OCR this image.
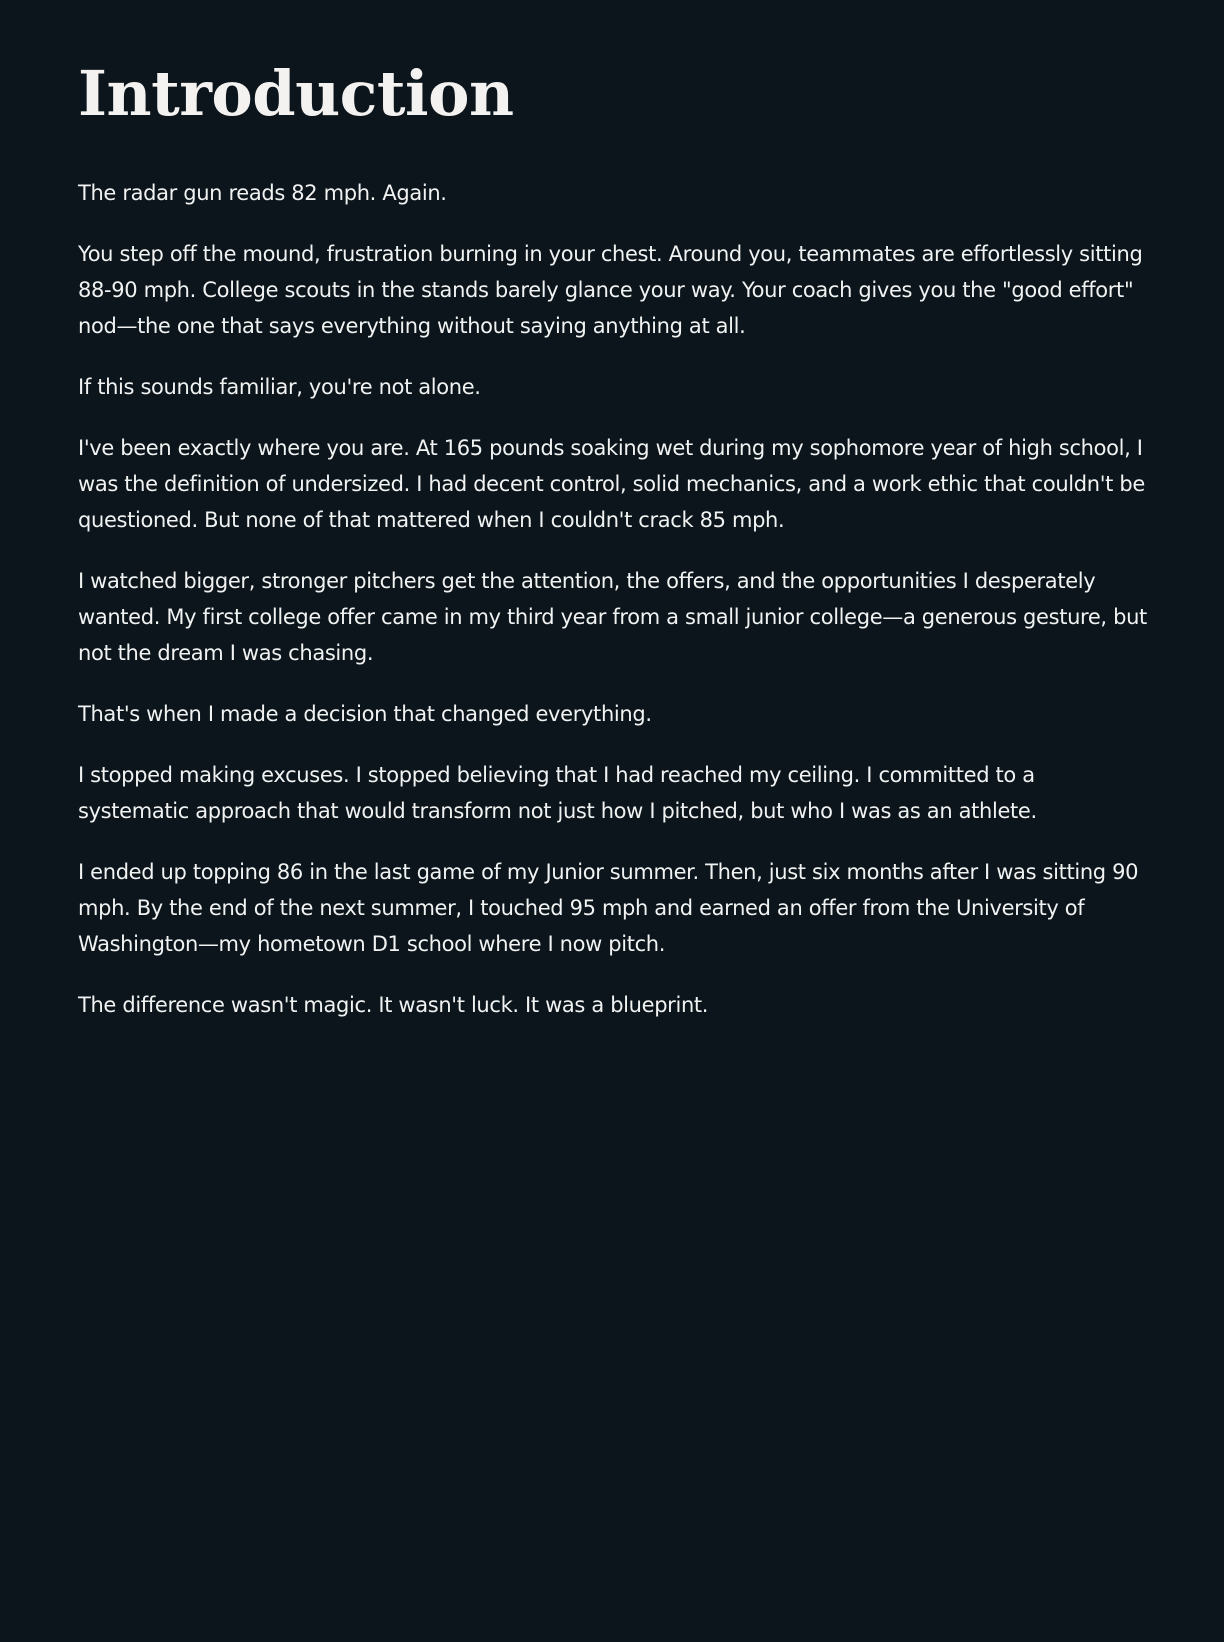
Introduction

The radar gun reads 82 mph. Again.

You step off the mound, frustration burning in your chest. Around you, teammates are effortlessly sitting 88-90 mph. College scouts in the stands barely glance your way. Your coach gives you the "good effort" nod—the one that says everything without saying anything at all.

If this sounds familiar, you're not alone.

I've been exactly where you are. At 165 pounds soaking wet during my sophomore year of high school, I was the definition of undersized. I had decent control, solid mechanics, and a work ethic that couldn't be questioned. But none of that mattered when I couldn't crack 85 mph.

I watched bigger, stronger pitchers get the attention, the offers, and the opportunities I desperately wanted. My first college offer came in my third year from a small junior college—a generous gesture, but not the dream I was chasing.

That's when I made a decision that changed everything.

I stopped making excuses. I stopped believing that I had reached my ceiling. I committed to a systematic approach that would transform not just how I pitched, but who I was as an athlete.

I ended up topping 86 in the last game of my Junior summer. Then, just six months after I was sitting 90 mph. By the end of the next summer, I touched 95 mph and earned an offer from the University of Washington—my hometown D1 school where I now pitch.

The difference wasn't magic. It wasn't luck. It was a blueprint.
